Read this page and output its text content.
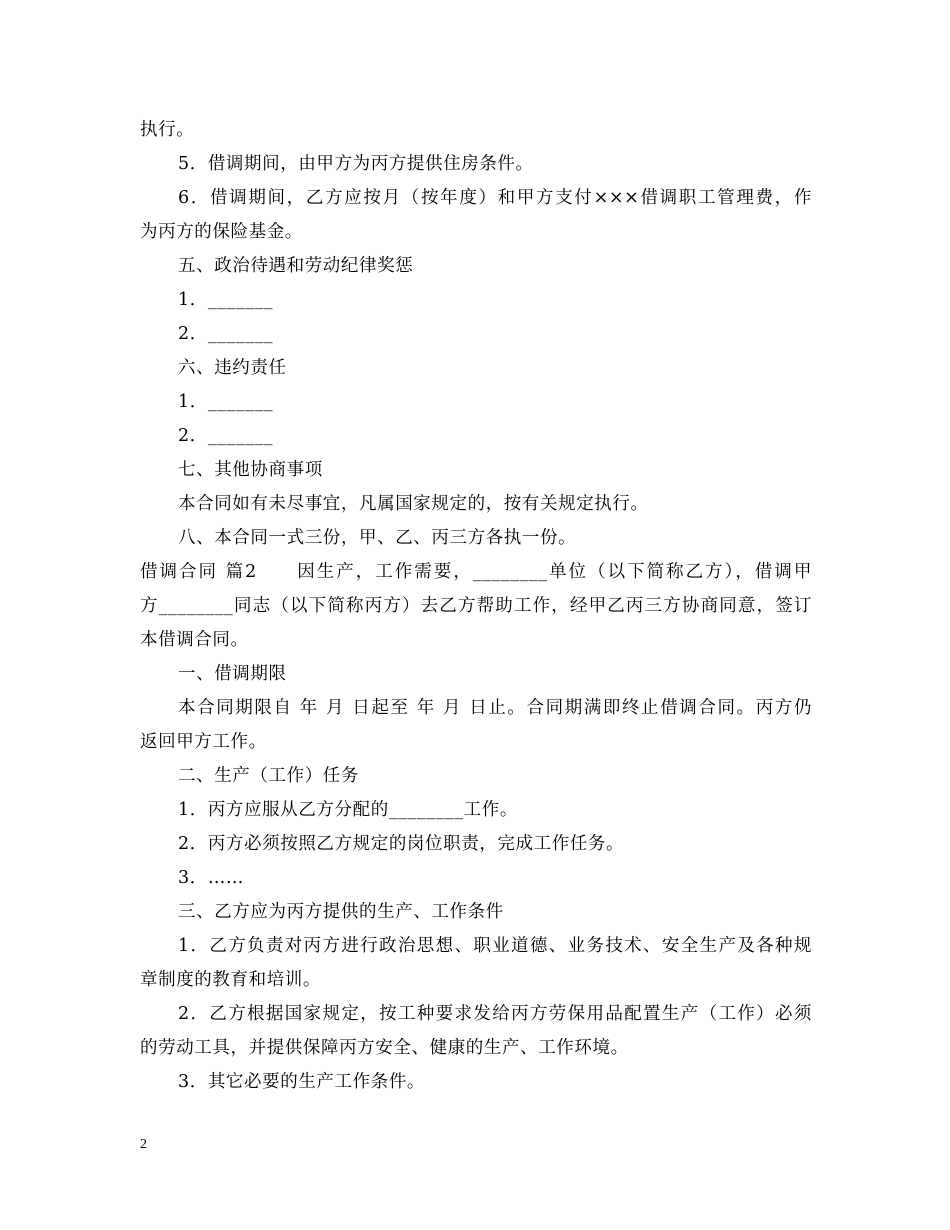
执行。
5．借调期间，由甲方为丙方提供住房条件。
6．借调期间，乙方应按月（按年度）和甲方支付×××借调职工管理费，作
为丙方的保险基金。
五、政治待遇和劳动纪律奖惩
1．_______
2．_______
六、违约责任
1．_______
2．_______
七、其他协商事项
本合同如有未尽事宜，凡属国家规定的，按有关规定执行。
八、本合同一式三份，甲、乙、丙三方各执一份。
借调合同 篇2　　因生产，工作需要，________单位（以下简称乙方），借调甲
方________同志（以下简称丙方）去乙方帮助工作，经甲乙丙三方协商同意，签订
本借调合同。
一、借调期限
本合同期限自 年 月 日起至 年 月 日止。合同期满即终止借调合同。丙方仍
返回甲方工作。
二、生产（工作）任务
1．丙方应服从乙方分配的________工作。
2．丙方必须按照乙方规定的岗位职责，完成工作任务。
3．……
三、乙方应为丙方提供的生产、工作条件
1．乙方负责对丙方进行政治思想、职业道德、业务技术、安全生产及各种规
章制度的教育和培训。
2．乙方根据国家规定，按工种要求发给丙方劳保用品配置生产（工作）必须
的劳动工具，并提供保障丙方安全、健康的生产、工作环境。
3．其它必要的生产工作条件。
2
